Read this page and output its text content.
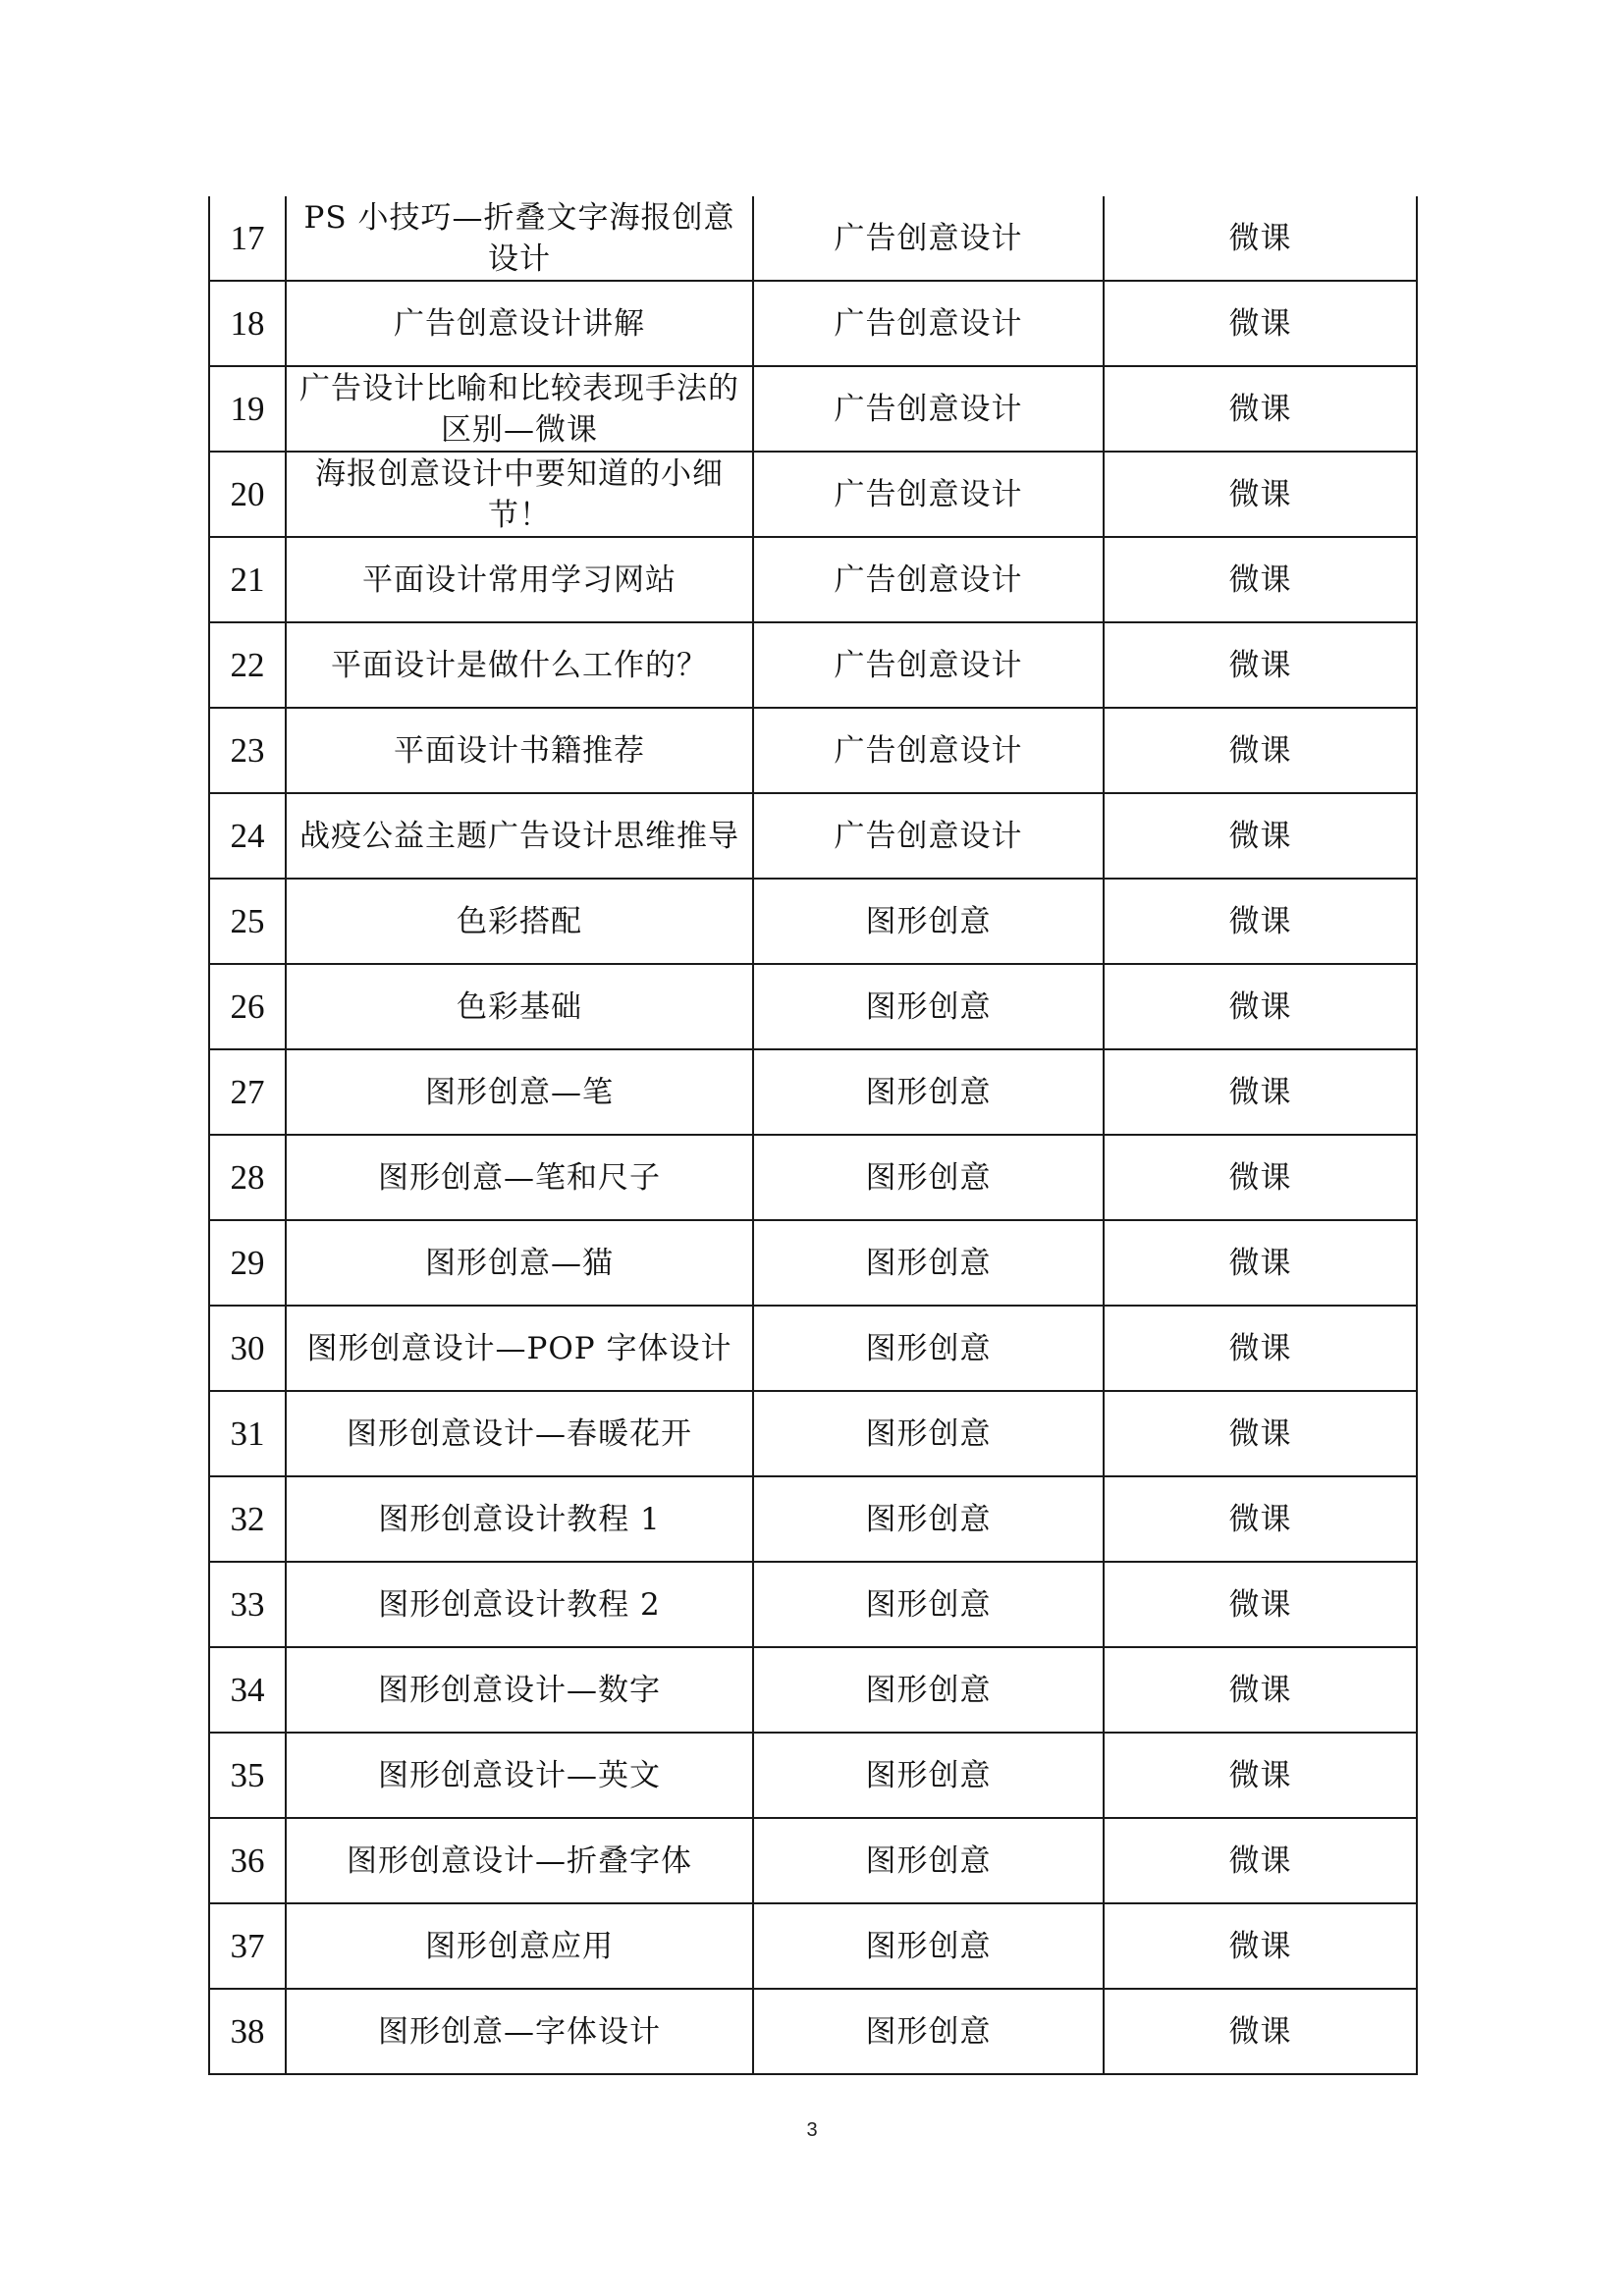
17	PS 小技巧—折叠文字海报创意设计	广告创意设计	微课
18	广告创意设计讲解	广告创意设计	微课
19	广告设计比喻和比较表现手法的区别—微课	广告创意设计	微课
20	海报创意设计中要知道的小细节！	广告创意设计	微课
21	平面设计常用学习网站	广告创意设计	微课
22	平面设计是做什么工作的？	广告创意设计	微课
23	平面设计书籍推荐	广告创意设计	微课
24	战疫公益主题广告设计思维推导	广告创意设计	微课
25	色彩搭配	图形创意	微课
26	色彩基础	图形创意	微课
27	图形创意—笔	图形创意	微课
28	图形创意—笔和尺子	图形创意	微课
29	图形创意—猫	图形创意	微课
30	图形创意设计—POP 字体设计	图形创意	微课
31	图形创意设计—春暖花开	图形创意	微课
32	图形创意设计教程 1	图形创意	微课
33	图形创意设计教程 2	图形创意	微课
34	图形创意设计—数字	图形创意	微课
35	图形创意设计—英文	图形创意	微课
36	图形创意设计—折叠字体	图形创意	微课
37	图形创意应用	图形创意	微课
38	图形创意—字体设计	图形创意	微课
3
